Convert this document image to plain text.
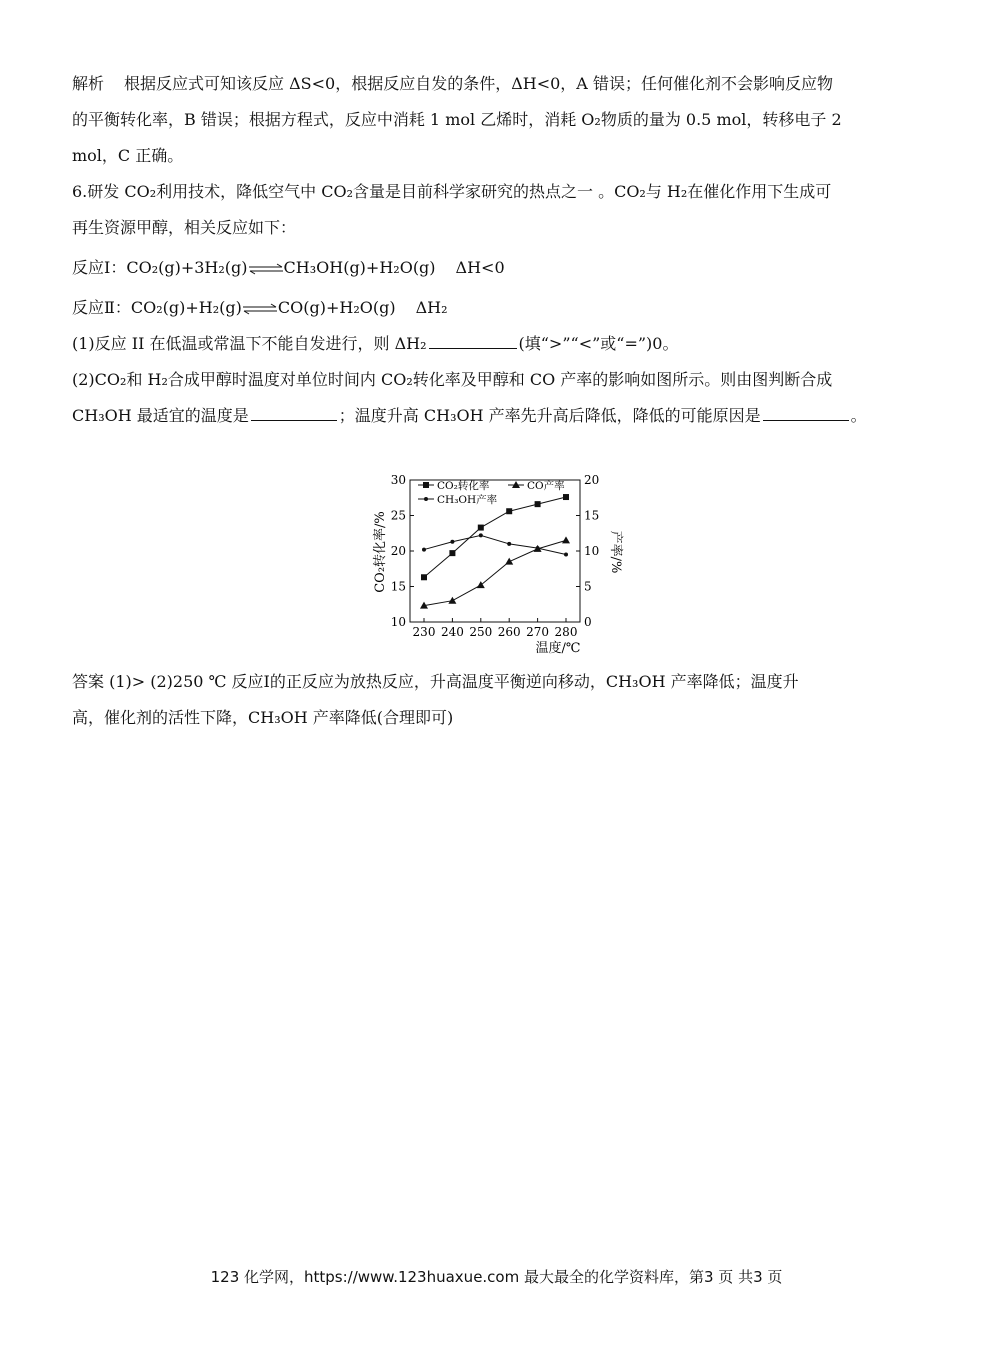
解析 根据反应式可知该反应 ΔS<0，根据反应自发的条件，ΔH<0，A 错误；任何催化剂不会影响反应物
的平衡转化率，B 错误；根据方程式，反应中消耗 1 mol 乙烯时，消耗 O₂物质的量为 0.5 mol，转移电子 2
mol，C 正确。
6.研发 CO₂利用技术，降低空气中 CO₂含量是目前科学家研究的热点之一 。CO₂与 H₂在催化作用下生成可
再生资源甲醇，相关反应如下：
反应Ⅰ：CO₂(g)+3H₂(g)⇌CH₃OH(g)+H₂O(g) ΔH<0
反应Ⅱ：CO₂(g)+H₂(g)⇌CO(g)+H₂O(g) ΔH₂
(1)反应 II 在低温或常温下不能自发进行，则 ΔH₂	(填“>”“<”或“=”)0。
(2)CO₂和 H₂合成甲醇时温度对单位时间内 CO₂转化率及甲醇和 CO 产率的影响如图所示。则由图判断合成
CH₃OH 最适宜的温度是	；温度升高 CH₃OH 产率先升高后降低，降低的可能原因是	。
10
15
20
25
30
0
5
10
15
20
230 240 250 260 270 280
CO₂转化率/%	产率/%
温度/℃
CO₂转化率	CO产率
CH₃OH产率
答案 (1)> (2)250 ℃ 反应Ⅰ的正反应为放热反应，升高温度平衡逆向移动，CH₃OH 产率降低；温度升
高，催化剂的活性下降，CH₃OH 产率降低(合理即可)
123 化学网，https://www.123huaxue.com 最大最全的化学资料库，第3 页 共3 页
